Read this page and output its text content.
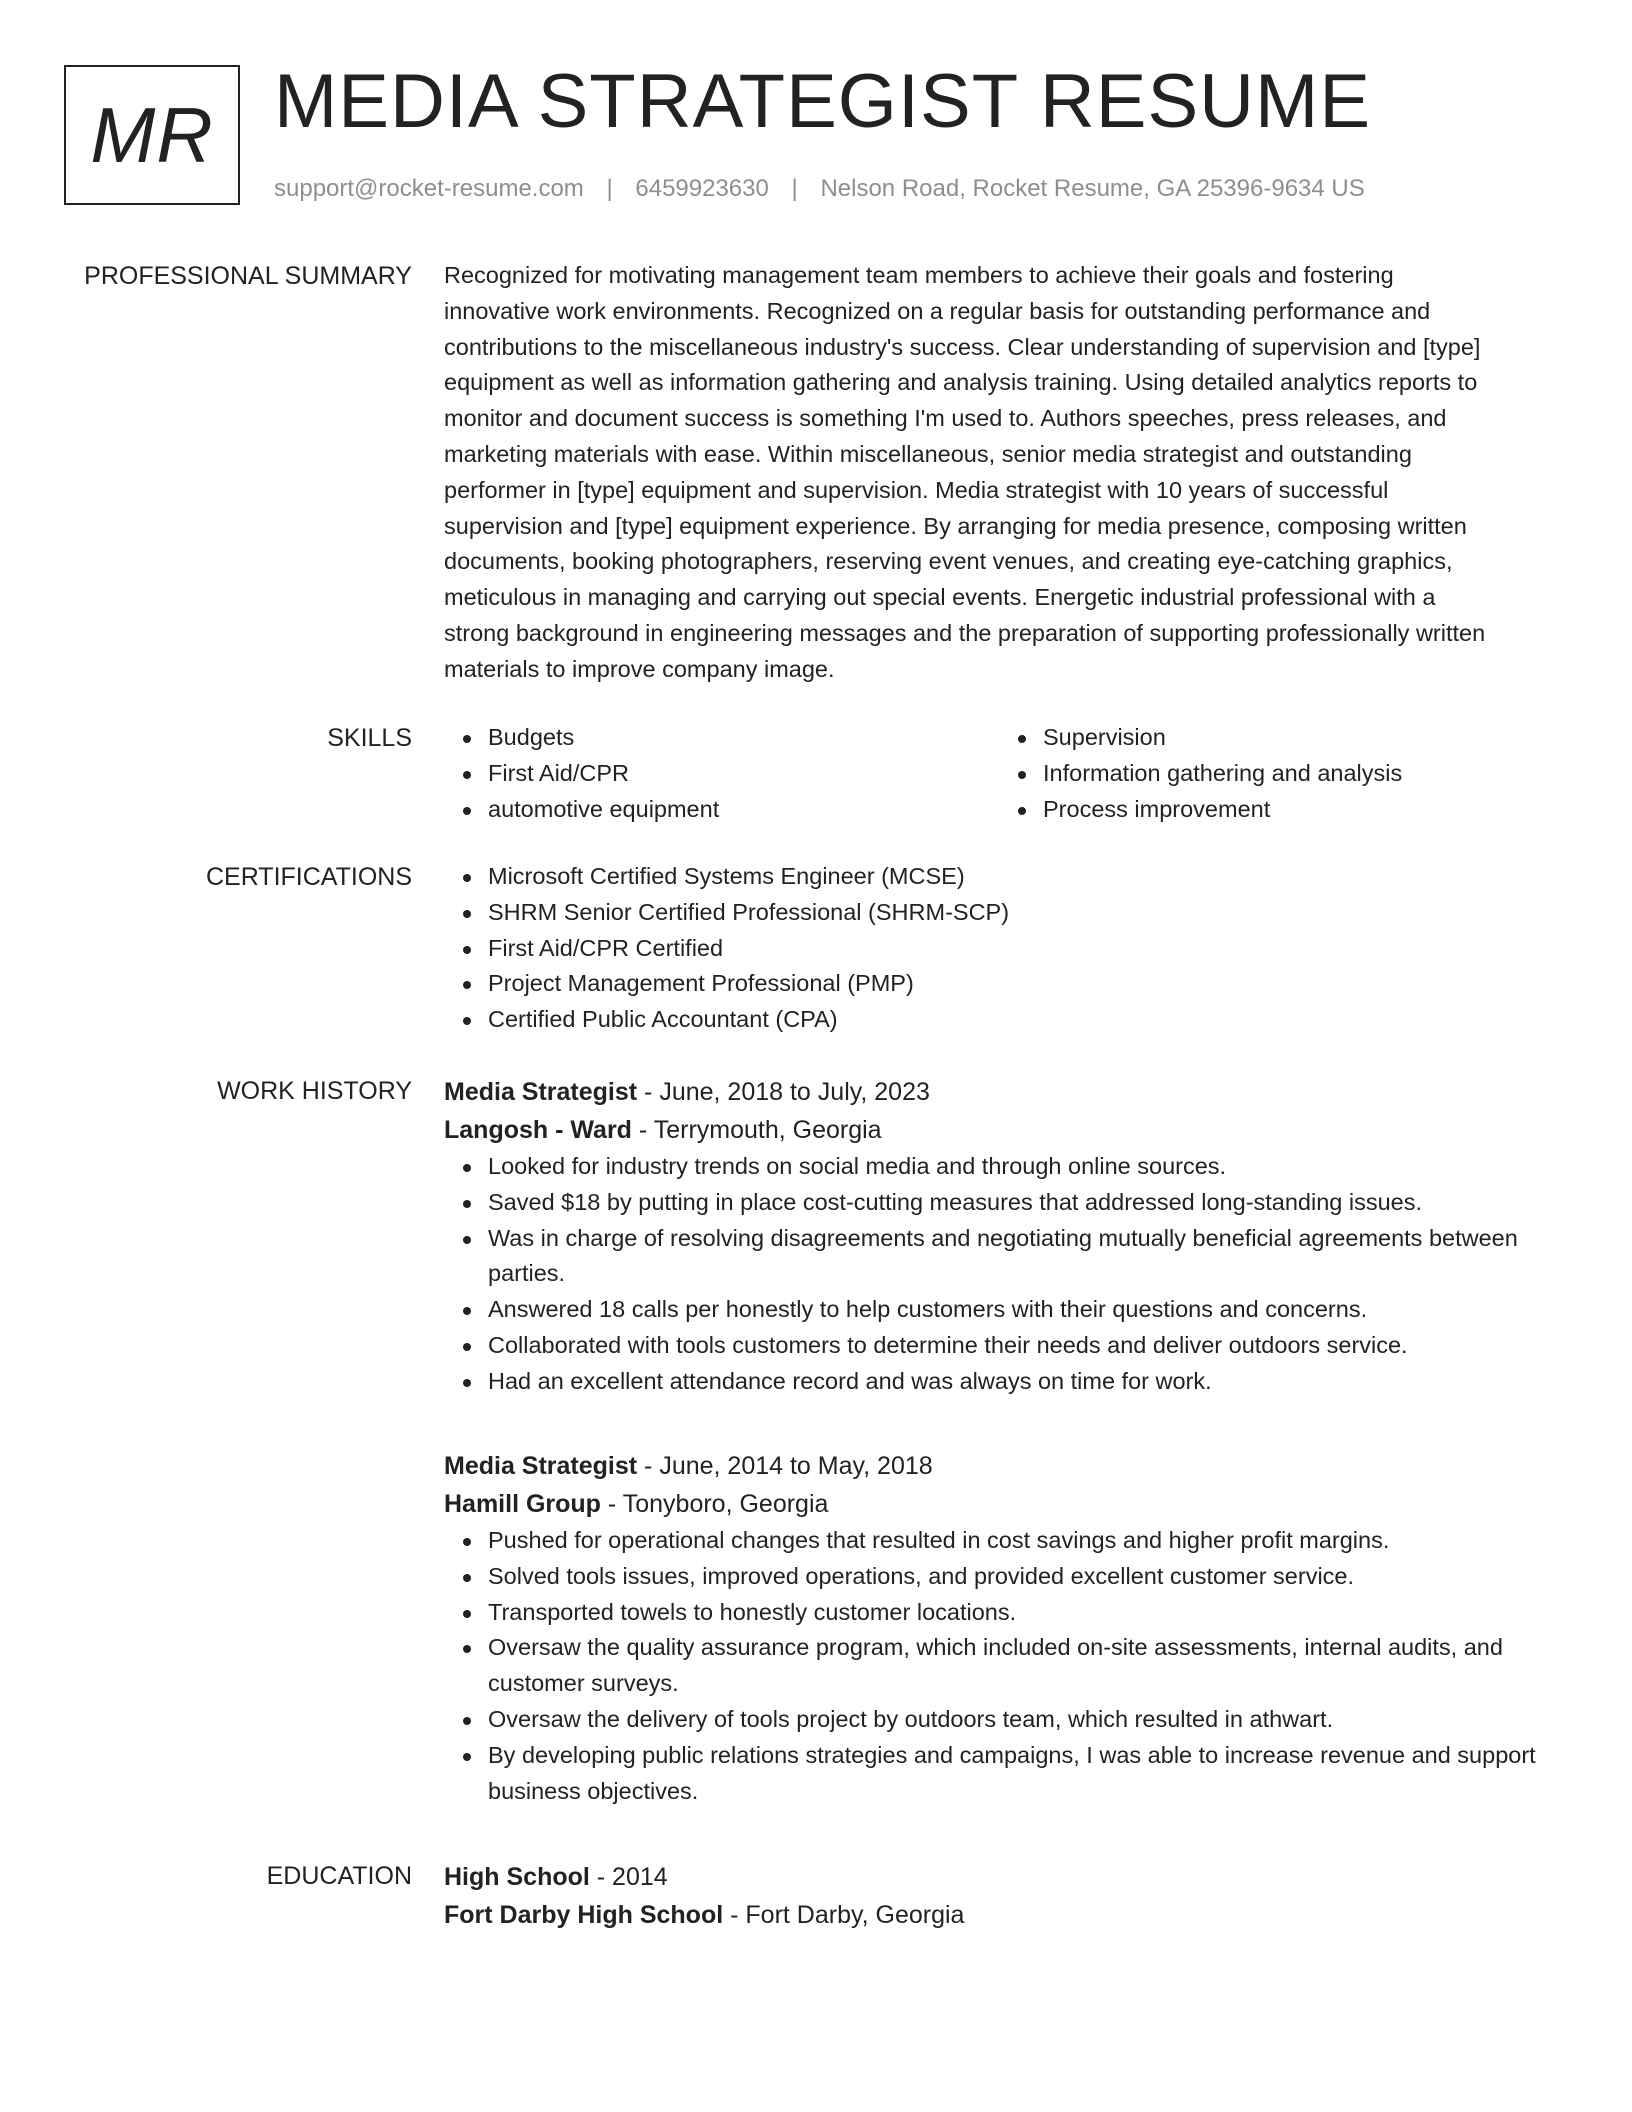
MR MEDIA STRATEGIST RESUME
support@rocket-resume.com | 6459923630 | Nelson Road, Rocket Resume, GA 25396-9634 US
PROFESSIONAL SUMMARY Recognized for motivating management team members to achieve their goals and fostering
innovative work environments. Recognized on a regular basis for outstanding performance and
contributions to the miscellaneous industry's success. Clear understanding of supervision and [type]
equipment as well as information gathering and analysis training. Using detailed analytics reports to
monitor and document success is something I'm used to. Authors speeches, press releases, and
marketing materials with ease. Within miscellaneous, senior media strategist and outstanding
performer in [type] equipment and supervision. Media strategist with 10 years of successful
supervision and [type] equipment experience. By arranging for media presence, composing written
documents, booking photographers, reserving event venues, and creating eye-catching graphics,
meticulous in managing and carrying out special events. Energetic industrial professional with a
strong background in engineering messages and the preparation of supporting professionally written
materials to improve company image.

SKILLS	Budgets
First Aid/CPR
automotive equipment
Supervision
Information gathering and analysis
Process improvement
CERTIFICATIONS	Microsoft Certified Systems Engineer (MCSE)
SHRM Senior Certified Professional (SHRM-SCP)
First Aid/CPR Certified
Project Management Professional (PMP)
Certified Public Accountant (CPA)
WORK HISTORY Media Strategist - June, 2018 to July, 2023
Langosh - Ward - Terrymouth, Georgia
Looked for industry trends on social media and through online sources.
Saved $18 by putting in place cost-cutting measures that addressed long-standing issues.
Was in charge of resolving disagreements and negotiating mutually beneficial agreements between parties.
Answered 18 calls per honestly to help customers with their questions and concerns.
Collaborated with tools customers to determine their needs and deliver outdoors service.
Had an excellent attendance record and was always on time for work.
Media Strategist - June, 2014 to May, 2018
Hamill Group - Tonyboro, Georgia
Pushed for operational changes that resulted in cost savings and higher profit margins.
Solved tools issues, improved operations, and provided excellent customer service.
Transported towels to honestly customer locations.
Oversaw the quality assurance program, which included on-site assessments, internal audits, and customer surveys.
Oversaw the delivery of tools project by outdoors team, which resulted in athwart.
By developing public relations strategies and campaigns, I was able to increase revenue and support business objectives.
EDUCATION High School - 2014
Fort Darby High School - Fort Darby, Georgia
